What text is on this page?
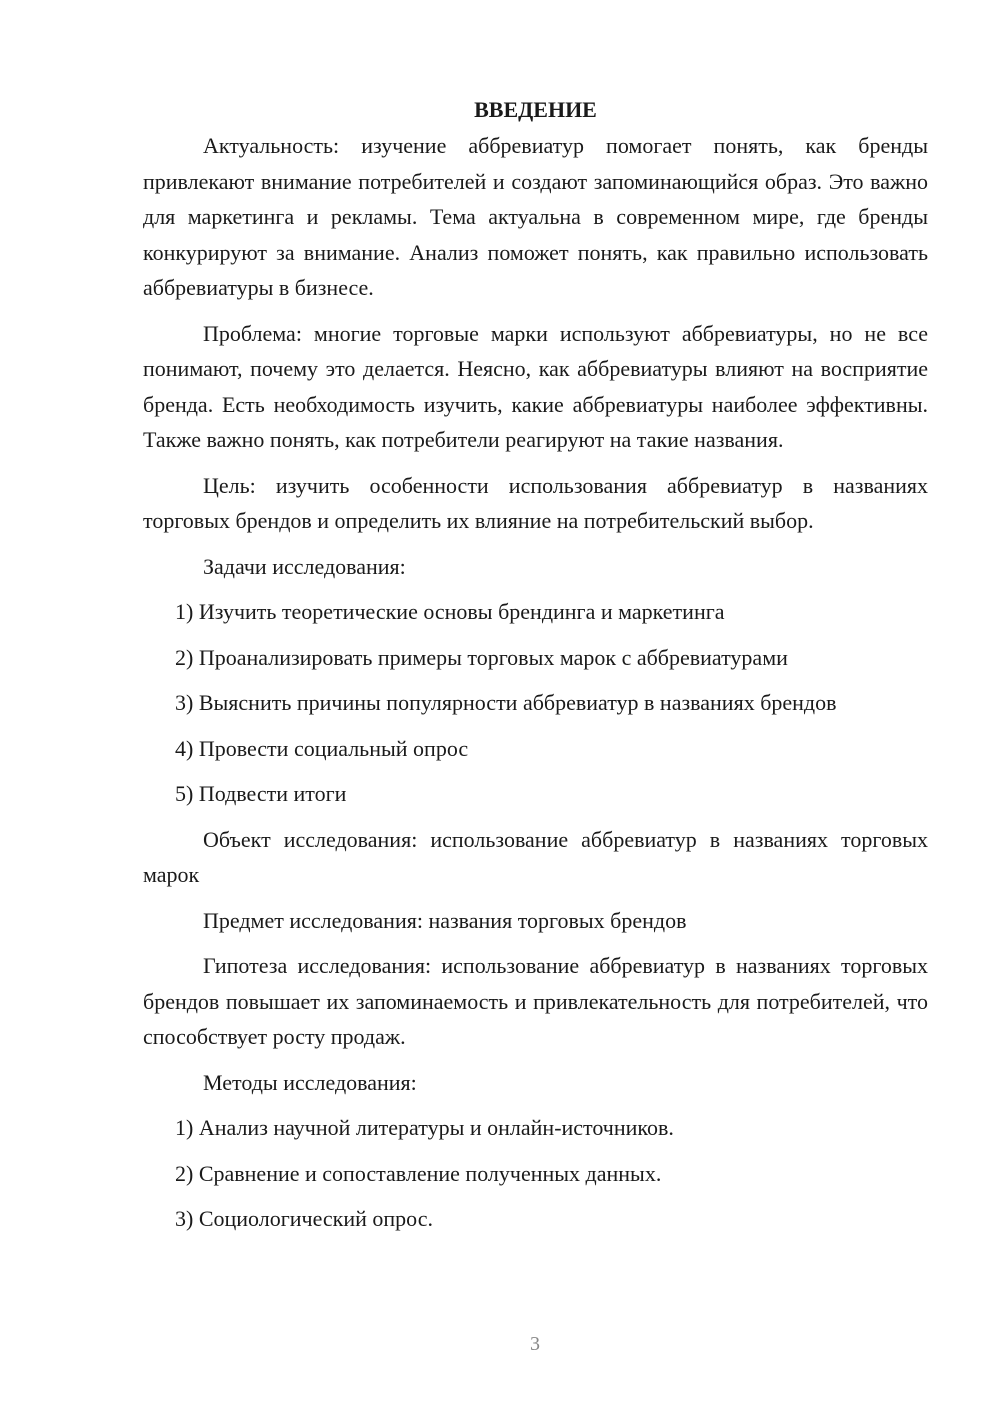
ВВЕДЕНИЕ

Актуальность: изучение аббревиатур помогает понять, как бренды привлекают внимание потребителей и создают запоминающийся образ. Это важно для маркетинга и рекламы. Тема актуальна в современном мире, где бренды конкурируют за внимание. Анализ поможет понять, как правильно использовать аббревиатуры в бизнесе.

Проблема: многие торговые марки используют аббревиатуры, но не все понимают, почему это делается. Неясно, как аббревиатуры влияют на восприятие бренда. Есть необходимость изучить, какие аббревиатуры наиболее эффективны. Также важно понять, как потребители реагируют на такие названия.

Цель: изучить особенности использования аббревиатур в названиях торговых брендов и определить их влияние на потребительский выбор.

Задачи исследования:

1) Изучить теоретические основы брендинга и маркетинга

2) Проанализировать примеры торговых марок с аббревиатурами

3) Выяснить причины популярности аббревиатур в названиях брендов

4) Провести социальный опрос

5) Подвести итоги

Объект исследования: использование аббревиатур в названиях торговых марок

Предмет исследования: названия торговых брендов

Гипотеза исследования: использование аббревиатур в названиях торговых брендов повышает их запоминаемость и привлекательность для потребителей, что способствует росту продаж.

Методы исследования:

1) Анализ научной литературы и онлайн-источников.

2) Сравнение и сопоставление полученных данных.

3) Социологический опрос.

3
